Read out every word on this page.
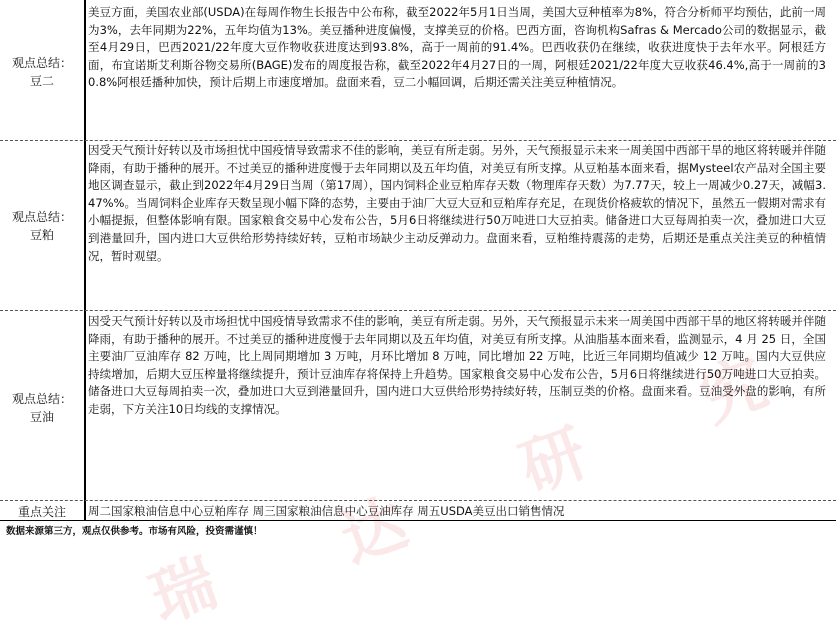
瑞
达
研
究
美豆方面，美国农业部(USDA)在每周作物生长报告中公布称，截至2022年5月1日当周，美国大豆种植率为8%，符合分析师平均预估，此前一周为3%，去年同期为22%，五年均值为13%。美豆播种进度偏慢，支撑美豆的价格。巴西方面，咨询机构Safras & Mercado公司的数据显示，截至4月29日，巴西2021/22年度大豆作物收获进度达到93.8%，高于一周前的91.4%。巴西收获仍在继续，收获进度快于去年水平。阿根廷方面，布宜诺斯艾利斯谷物交易所(BAGE)发布的周度报告称，截至2022年4月27日的一周，阿根廷2021/22年度大豆收获46.4%,高于一周前的30.8%阿根廷播种加快，预计后期上市速度增加。盘面来看，豆二小幅回调，后期还需关注美豆种植情况。
观点总结：
豆二
因受天气预计好转以及市场担忧中国疫情导致需求不佳的影响，美豆有所走弱。另外，天气预报显示未来一周美国中西部干旱的地区将转暖并伴随降雨，有助于播种的展开。不过美豆的播种进度慢于去年同期以及五年均值，对美豆有所支撑。从豆粕基本面来看，据Mysteel农产品对全国主要地区调查显示，截止到2022年4月29日当周（第17周），国内饲料企业豆粕库存天数（物理库存天数）为7.77天，较上一周减少0.27天，减幅3.47%%。当周饲料企业库存天数呈现小幅下降的态势，主要由于油厂大豆大豆和豆粕库存充足，在现货价格疲软的情况下，虽然五一假期对需求有小幅提振，但整体影响有限。国家粮食交易中心发布公告，5月6日将继续进行50万吨进口大豆拍卖。储备进口大豆每周拍卖一次，叠加进口大豆到港量回升，国内进口大豆供给形势持续好转，豆粕市场缺少主动反弹动力。盘面来看，豆粕维持震荡的走势，后期还是重点关注美豆的种植情况，暂时观望。
观点总结：
豆粕
因受天气预计好转以及市场担忧中国疫情导致需求不佳的影响，美豆有所走弱。另外，天气预报显示未来一周美国中西部干旱的地区将转暖并伴随降雨，有助于播种的展开。不过美豆的播种进度慢于去年同期以及五年均值，对美豆有所支撑。从油脂基本面来看，监测显示，4 月 25 日，全国主要油厂豆油库存 82 万吨，比上周同期增加 3 万吨，月环比增加 8 万吨，同比增加 22 万吨，比近三年同期均值减少 12 万吨。国内大豆供应持续增加，后期大豆压榨量将继续提升，预计豆油库存将保持上升趋势。国家粮食交易中心发布公告，5月6日将继续进行50万吨进口大豆拍卖。储备进口大豆每周拍卖一次，叠加进口大豆到港量回升，国内进口大豆供给形势持续好转，压制豆类的价格。盘面来看。豆油受外盘的影响，有所走弱，下方关注10日均线的支撑情况。
观点总结：
豆油
重点关注	周二国家粮油信息中心豆粕库存 周三国家粮油信息中心豆油库存 周五USDA美豆出口销售情况
数据来源第三方，观点仅供参考。市场有风险，投资需谨慎！
